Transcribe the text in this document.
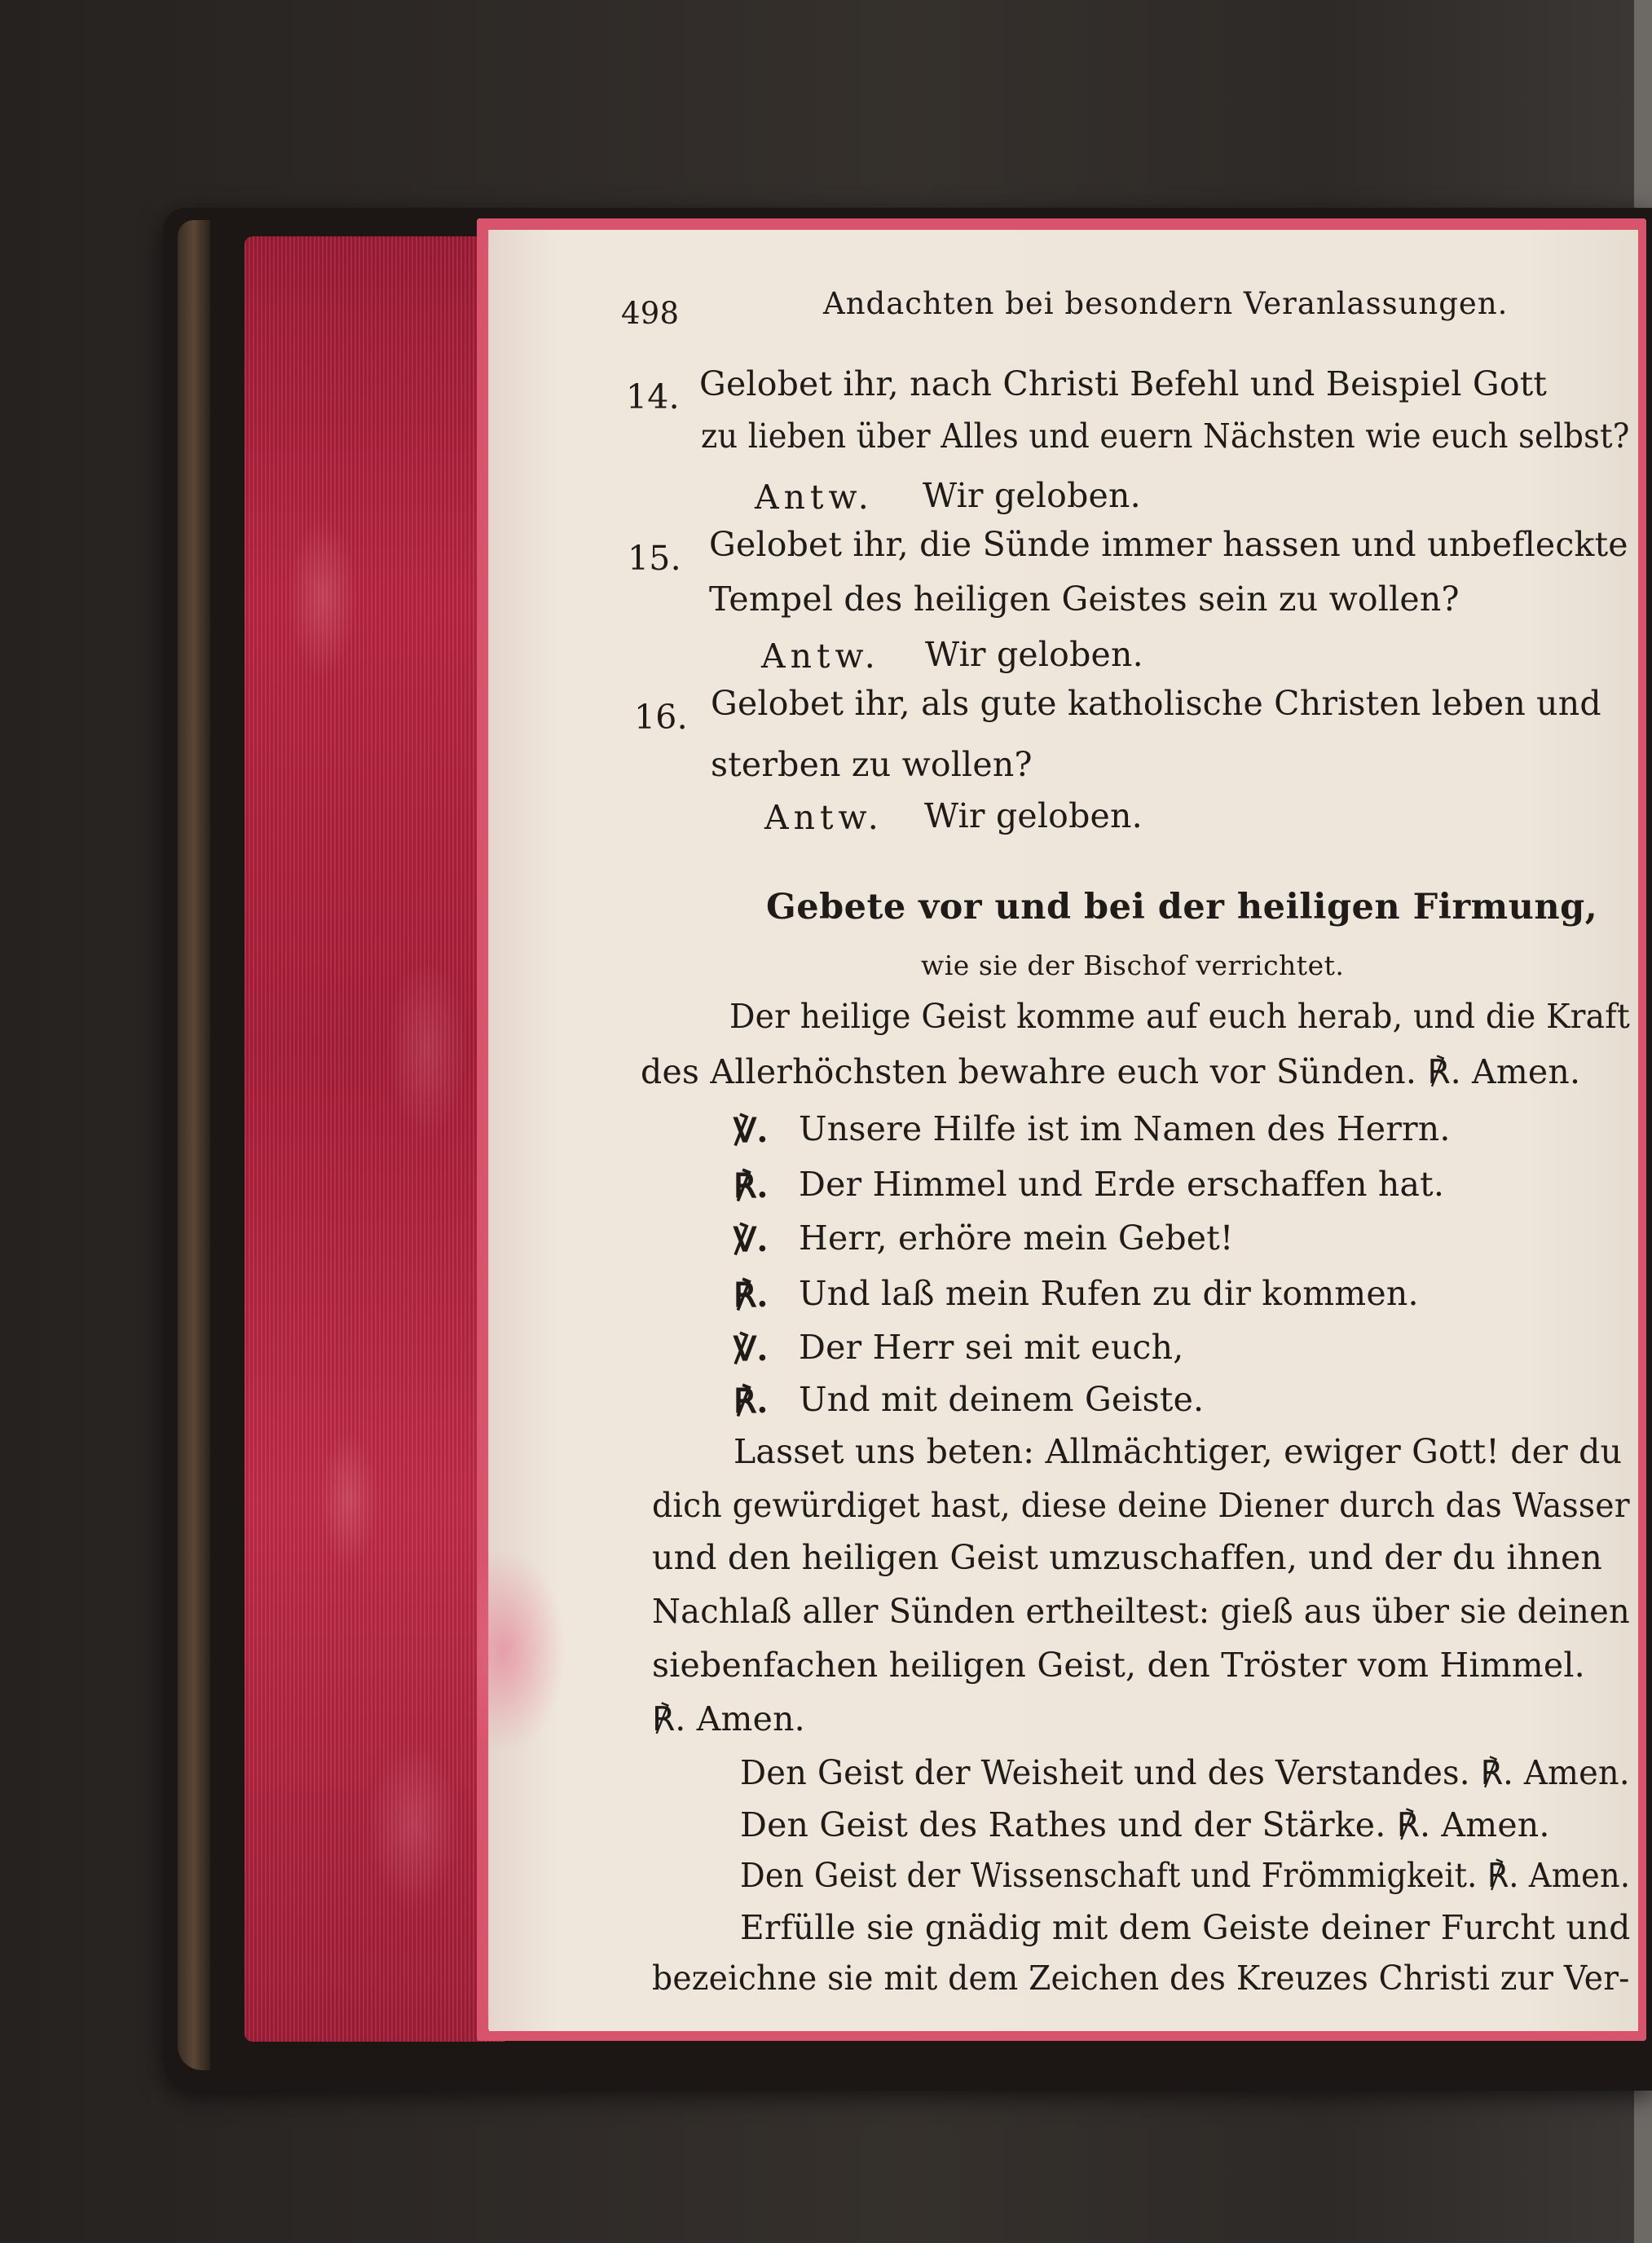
498	Andachten bei besondern Veranlassungen.
14. Gelobet ihr, nach Christi Befehl und Beispiel Gott
zu lieben über Alles und euern Nächsten wie euch selbst?
Antw. Wir geloben.
15. Gelobet ihr, die Sünde immer hassen und unbefleckte
Tempel des heiligen Geistes sein zu wollen?
Antw. Wir geloben.
16. Gelobet ihr, als gute katholische Christen leben und
sterben zu wollen?
Antw. Wir geloben.
Gebete vor und bei der heiligen Firmung,
wie sie der Bischof verrichtet.
Der heilige Geist komme auf euch herab, und die Kraft
des Allerhöchsten bewahre euch vor Sünden. ℟. Amen.
℣. Unsere Hilfe ist im Namen des Herrn.
℟. Der Himmel und Erde erschaffen hat.
℣. Herr, erhöre mein Gebet!
℟. Und laß mein Rufen zu dir kommen.
℣. Der Herr sei mit euch,
℟. Und mit deinem Geiste.
Lasset uns beten: Allmächtiger, ewiger Gott! der du
dich gewürdiget hast, diese deine Diener durch das Wasser
und den heiligen Geist umzuschaffen, und der du ihnen
Nachlaß aller Sünden ertheiltest: gieß aus über sie deinen
siebenfachen heiligen Geist, den Tröster vom Himmel.
℟. Amen.
Den Geist der Weisheit und des Verstandes. ℟. Amen.
Den Geist des Rathes und der Stärke. ℟. Amen.
Den Geist der Wissenschaft und Frömmigkeit. ℟. Amen.
Erfülle sie gnädig mit dem Geiste deiner Furcht und
bezeichne sie mit dem Zeichen des Kreuzes Christi zur Ver-
